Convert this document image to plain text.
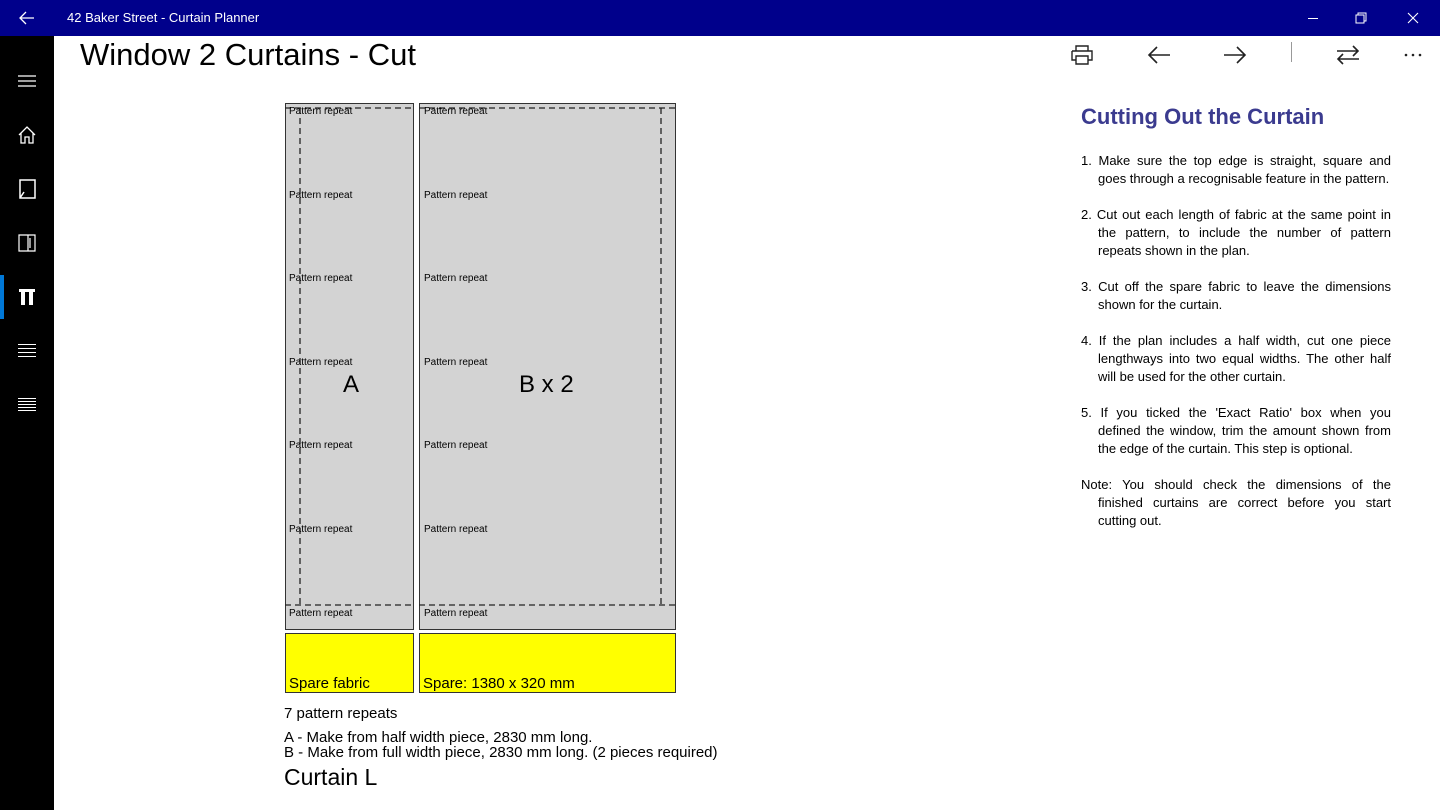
42 Baker Street - Curtain Planner
Window 2 Curtains - Cut
Pattern repeat
Pattern repeat
Pattern repeat
Pattern repeat
Pattern repeat
Pattern repeat
Pattern repeat
Pattern repeat
Pattern repeat
Pattern repeat
Pattern repeat
Pattern repeat
Pattern repeat
Pattern repeat
A	B x 2
Spare fabric	Spare: 1380 x 320 mm
7 pattern repeats
A - Make from half width piece, 2830 mm long.
B - Make from full width piece, 2830 mm long. (2 pieces required)
Curtain L
Cutting Out the Curtain

1. Make sure the top edge is straight, square and goes through a recognisable feature in the pattern.

2. Cut out each length of fabric at the same point in the pattern, to include the number of pattern repeats shown in the plan.

3. Cut off the spare fabric to leave the dimensions shown for the curtain.

4. If the plan includes a half width, cut one piece lengthways into two equal widths. The other half will be used for the other curtain.

5. If you ticked the 'Exact Ratio' box when you defined the window, trim the amount shown from the edge of the curtain. This step is optional.

Note: You should check the dimensions of the finished curtains are correct before you start cutting out.
